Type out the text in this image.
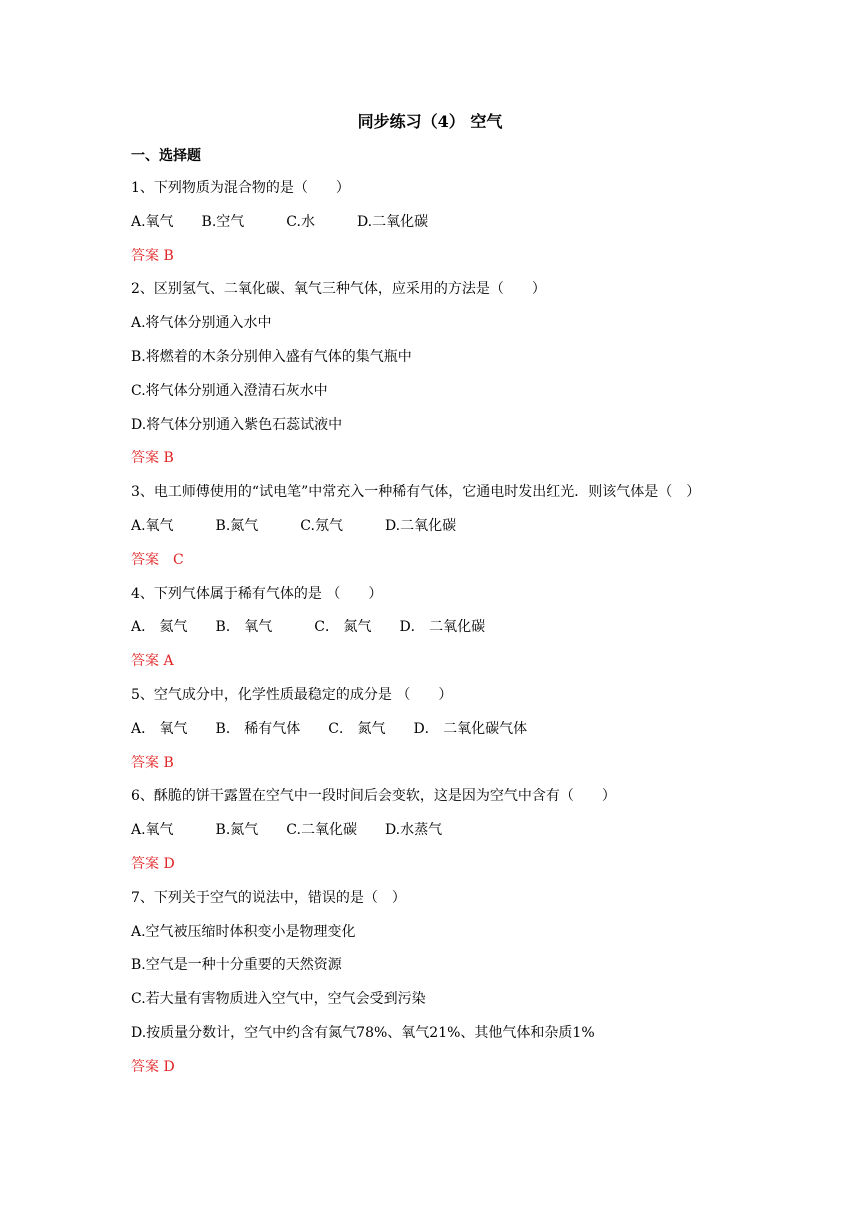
同步练习（4） 空气
一、选择题
1、下列物质为混合物的是（　　）
A.氧气　　B.空气　　　C.水　　　D.二氧化碳
答案 B
2、区别氢气、二氧化碳、氧气三种气体，应采用的方法是（　　）
A.将气体分别通入水中
B.将燃着的木条分别伸入盛有气体的集气瓶中
C.将气体分别通入澄清石灰水中
D.将气体分别通入紫色石蕊试液中
答案 B
3、电工师傅使用的“试电笔”中常充入一种稀有气体，它通电时发出红光．则该气体是（　）
A.氧气　　　B.氮气　　　C.氖气　　　D.二氧化碳
答案　C
4、下列气体属于稀有气体的是 （　　）
A． 氦气　　B． 氧气　　　C． 氮气　　D． 二氧化碳
答案 A
5、空气成分中，化学性质最稳定的成分是 （　　）
A． 氧气　　B． 稀有气体　　C． 氮气　　D． 二氧化碳气体
答案 B
6、酥脆的饼干露置在空气中一段时间后会变软，这是因为空气中含有（　　）
A.氧气　　　B.氮气　　C.二氧化碳　　D.水蒸气
答案 D
7、下列关于空气的说法中，错误的是（　）
A.空气被压缩时体积变小是物理变化
B.空气是一种十分重要的天然资源
C.若大量有害物质进入空气中，空气会受到污染
D.按质量分数计，空气中约含有氮气78%、氧气21%、其他气体和杂质1%
答案 D
